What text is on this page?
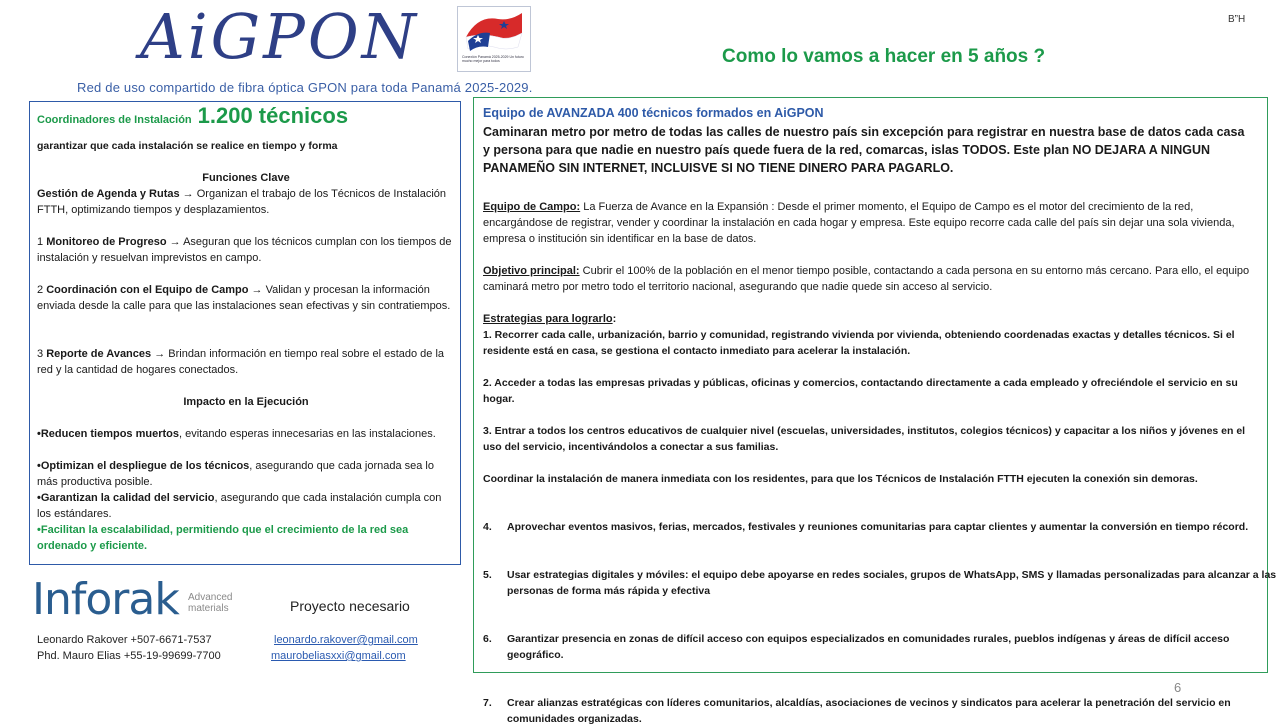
AiGPON	Conexión Panamá 2025-2029 Un futuro mucho mejor para todos
B”H
Como lo vamos a hacer en 5 años ?
Red de uso compartido de fibra óptica GPON para toda Panamá 2025-2029.
Coordinadores de Instalación 1.200 técnicos
garantizar que cada instalación se realice en tiempo y forma
Funciones Clave
Gestión de Agenda y Rutas → Organizan el trabajo de los Técnicos de Instalación FTTH, optimizando tiempos y desplazamientos.
1 Monitoreo de Progreso → Aseguran que los técnicos cumplan con los tiempos de instalación y resuelvan imprevistos en campo.
2 Coordinación con el Equipo de Campo → Validan y procesan la información enviada desde la calle para que las instalaciones sean efectivas y sin contratiempos.
3 Reporte de Avances → Brindan información en tiempo real sobre el estado de la red y la cantidad de hogares conectados.
Impacto en la Ejecución
•Reducen tiempos muertos, evitando esperas innecesarias en las instalaciones.
•Optimizan el despliegue de los técnicos, asegurando que cada jornada sea lo más productiva posible.
•Garantizan la calidad del servicio, asegurando que cada instalación cumpla con los estándares.
•Facilitan la escalabilidad, permitiendo que el crecimiento de la red sea ordenado y eficiente.
Equipo de AVANZADA 400 técnicos formados en AiGPON
Caminaran metro por metro de todas las calles de nuestro país sin excepción para registrar en nuestra base de datos cada casa y persona para que nadie en nuestro país quede fuera de la red, comarcas, islas TODOS. Este plan NO DEJARA A NINGUN PANAMEÑO SIN INTERNET, INCLUISVE SI NO TIENE DINERO PARA PAGARLO.
Equipo de Campo: La Fuerza de Avance en la Expansión : Desde el primer momento, el Equipo de Campo es el motor del crecimiento de la red, encargándose de registrar, vender y coordinar la instalación en cada hogar y empresa. Este equipo recorre cada calle del país sin dejar una sola vivienda, empresa o institución sin identificar en la base de datos.
Objetivo principal: Cubrir el 100% de la población en el menor tiempo posible, contactando a cada persona en su entorno más cercano. Para ello, el equipo caminará metro por metro todo el territorio nacional, asegurando que nadie quede sin acceso al servicio.
Estrategias para lograrlo:
1. Recorrer cada calle, urbanización, barrio y comunidad, registrando vivienda por vivienda, obteniendo coordenadas exactas y detalles técnicos. Si el residente está en casa, se gestiona el contacto inmediato para acelerar la instalación.
2. Acceder a todas las empresas privadas y públicas, oficinas y comercios, contactando directamente a cada empleado y ofreciéndole el servicio en su hogar.
3. Entrar a todos los centros educativos de cualquier nivel (escuelas, universidades, institutos, colegios técnicos) y capacitar a los niños y jóvenes en el uso del servicio, incentivándolos a conectar a sus familias.
Coordinar la instalación de manera inmediata con los residentes, para que los Técnicos de Instalación FTTH ejecuten la conexión sin demoras.
4. Aprovechar eventos masivos, ferias, mercados, festivales y reuniones comunitarias para captar clientes y aumentar la conversión en tiempo récord.
5. Usar estrategias digitales y móviles: el equipo debe apoyarse en redes sociales, grupos de WhatsApp, SMS y llamadas personalizadas para alcanzar a las personas de forma más rápida y efectiva
6. Garantizar presencia en zonas de difícil acceso con equipos especializados en comunidades rurales, pueblos indígenas y áreas de difícil acceso geográfico.
7. Crear alianzas estratégicas con líderes comunitarios, alcaldías, asociaciones de vecinos y sindicatos para acelerar la penetración del servicio en comunidades organizadas.
Inforak Advanced
materials	Proyecto necesario
Leonardo Rakover +507-6671-7537	leonardo.rakover@gmail.com
Phd. Mauro Elias +55-19-99699-7700	maurobeliasxxi@gmail.com
6
